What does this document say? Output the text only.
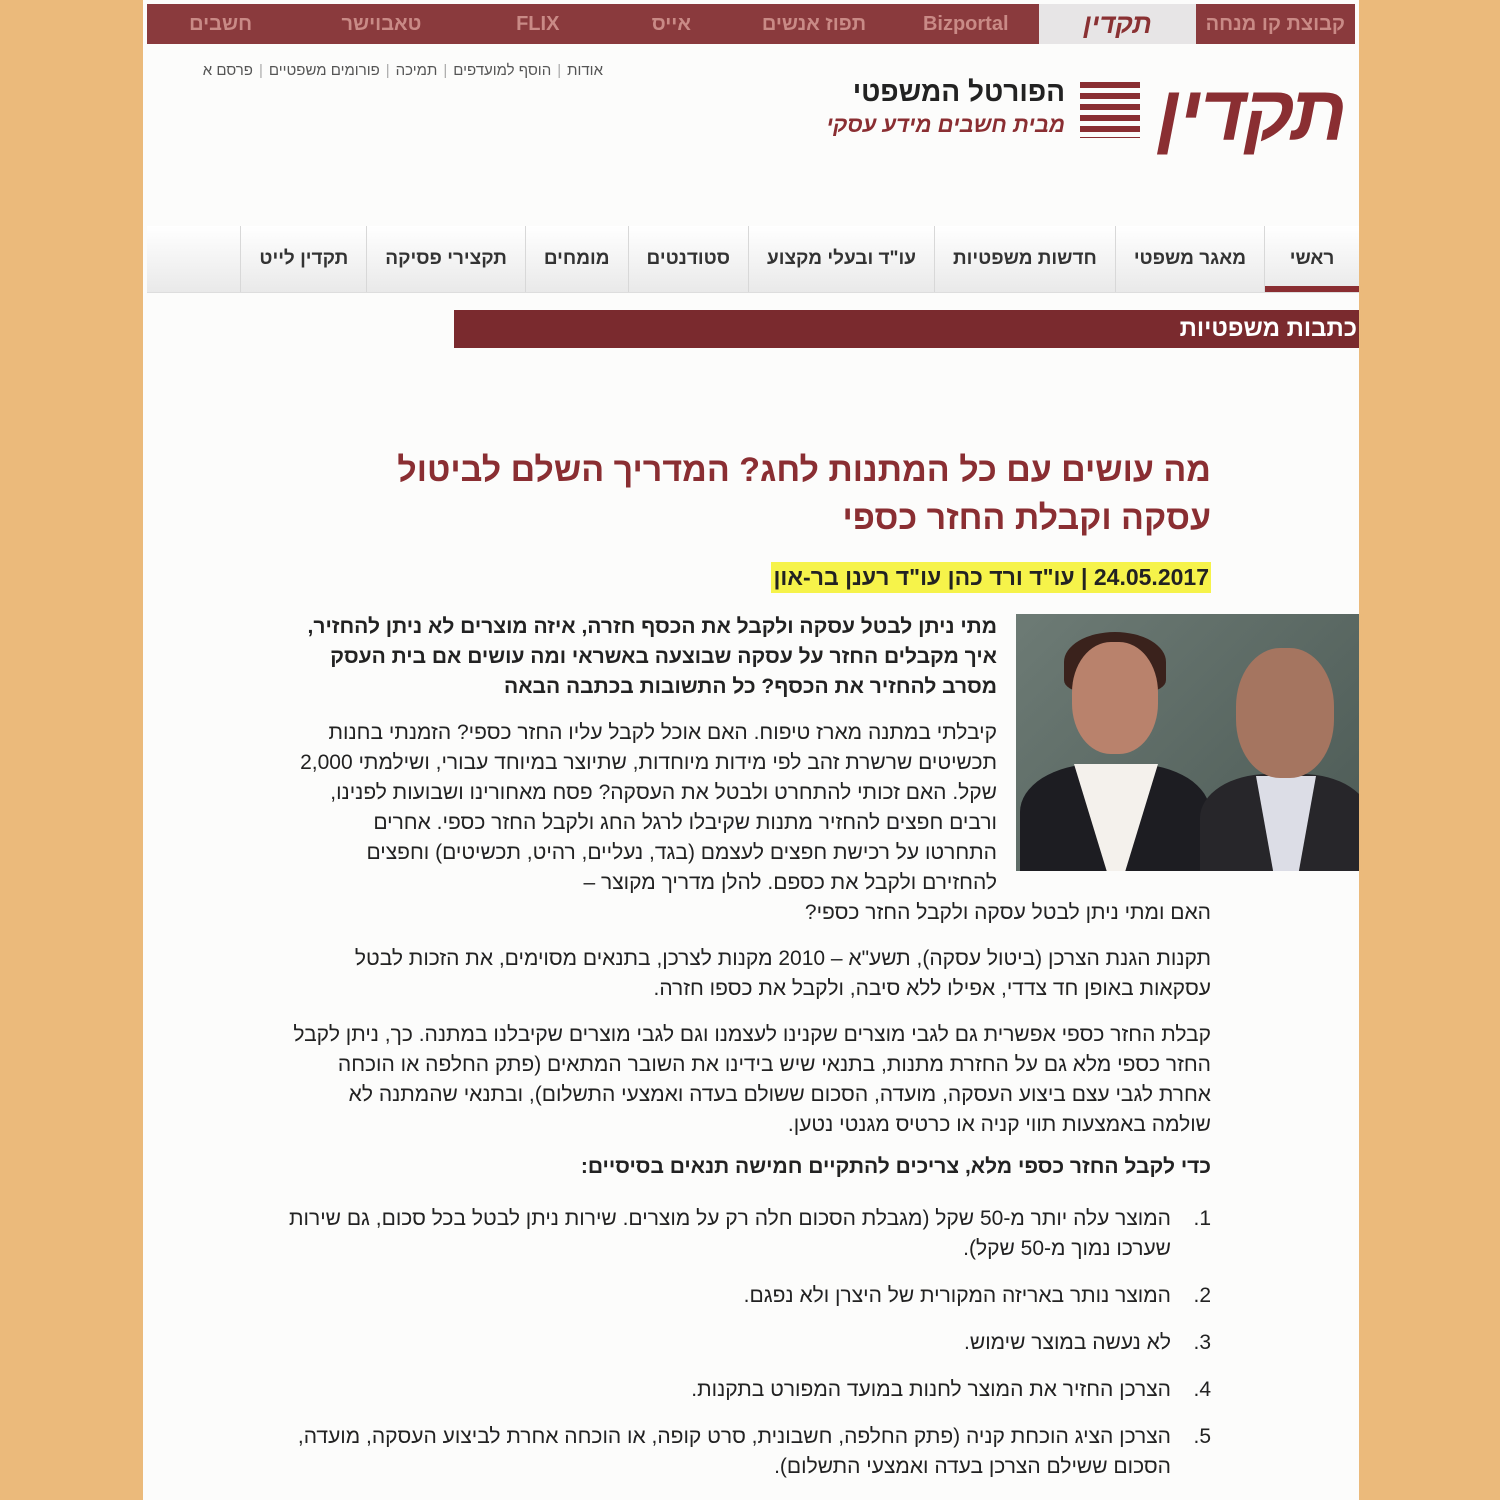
קבוצת קו מנחה
תקדין
Bizportal
תפוז אנשים
אייס
FLIX
טאבוישר
חשבים
אודות
|
הוסף למועדפים
|
תמיכה
|
פורומים משפטיים
|
פרסם א	תקדין
הפורטל המשפטי
מבית חשבים מידע עסקי
ראשי
מאגר משפטי
חדשות משפטיות
עו"ד ובעלי מקצוע
סטודנטים
מומחים
תקצירי פסיקה
תקדין לייט
כתבות משפטיות
מה עושים עם כל המתנות לחג? המדריך השלם לביטול עסקה וקבלת החזר כספי
24.05.2017 | עו"ד ורד כהן עו"ד רענן בר-און
מתי ניתן לבטל עסקה ולקבל את הכסף חזרה, איזה מוצרים לא ניתן להחזיר, איך מקבלים החזר על עסקה שבוצעה באשראי ומה עושים אם בית העסק מסרב להחזיר את הכסף? כל התשובות בכתבה הבאה
קיבלתי במתנה מארז טיפוח. האם אוכל לקבל עליו החזר כספי? הזמנתי בחנות תכשיטים שרשרת זהב לפי מידות מיוחדות, שתיוצר במיוחד עבורי, ושילמתי 2,000 שקל. האם זכותי להתחרט ולבטל את העסקה? פסח מאחורינו ושבועות לפנינו, ורבים חפצים להחזיר מתנות שקיבלו לרגל החג ולקבל החזר כספי. אחרים התחרטו על רכישת חפצים לעצמם (בגד, נעליים, רהיט, תכשיטים) וחפצים להחזירם ולקבל את כספם. להלן מדריך מקוצר –
האם ומתי ניתן לבטל עסקה ולקבל החזר כספי?
תקנות הגנת הצרכן (ביטול עסקה), תשע"א – 2010 מקנות לצרכן, בתנאים מסוימים, את הזכות לבטל עסקאות באופן חד צדדי, אפילו ללא סיבה, ולקבל את כספו חזרה.
קבלת החזר כספי אפשרית גם לגבי מוצרים שקנינו לעצמנו וגם לגבי מוצרים שקיבלנו במתנה. כך, ניתן לקבל החזר כספי מלא גם על החזרת מתנות, בתנאי שיש בידינו את השובר המתאים (פתק החלפה או הוכחה אחרת לגבי עצם ביצוע העסקה, מועדה, הסכום ששולם בעדה ואמצעי התשלום), ובתנאי שהמתנה לא שולמה באמצעות תווי קניה או כרטיס מגנטי נטען.
כדי לקבל החזר כספי מלא, צריכים להתקיים חמישה תנאים בסיסיים:
1.
המוצר עלה יותר מ-50 שקל (מגבלת הסכום חלה רק על מוצרים. שירות ניתן לבטל בכל סכום, גם שירות שערכו נמוך מ-50 שקל).
2.
המוצר נותר באריזה המקורית של היצרן ולא נפגם.
3.
לא נעשה במוצר שימוש.
4.
הצרכן החזיר את המוצר לחנות במועד המפורט בתקנות.
5.
הצרכן הציג הוכחת קניה (פתק החלפה, חשבונית, סרט קופה, או הוכחה אחרת לביצוע העסקה, מועדה, הסכום ששילם הצרכן בעדה ואמצעי התשלום).
